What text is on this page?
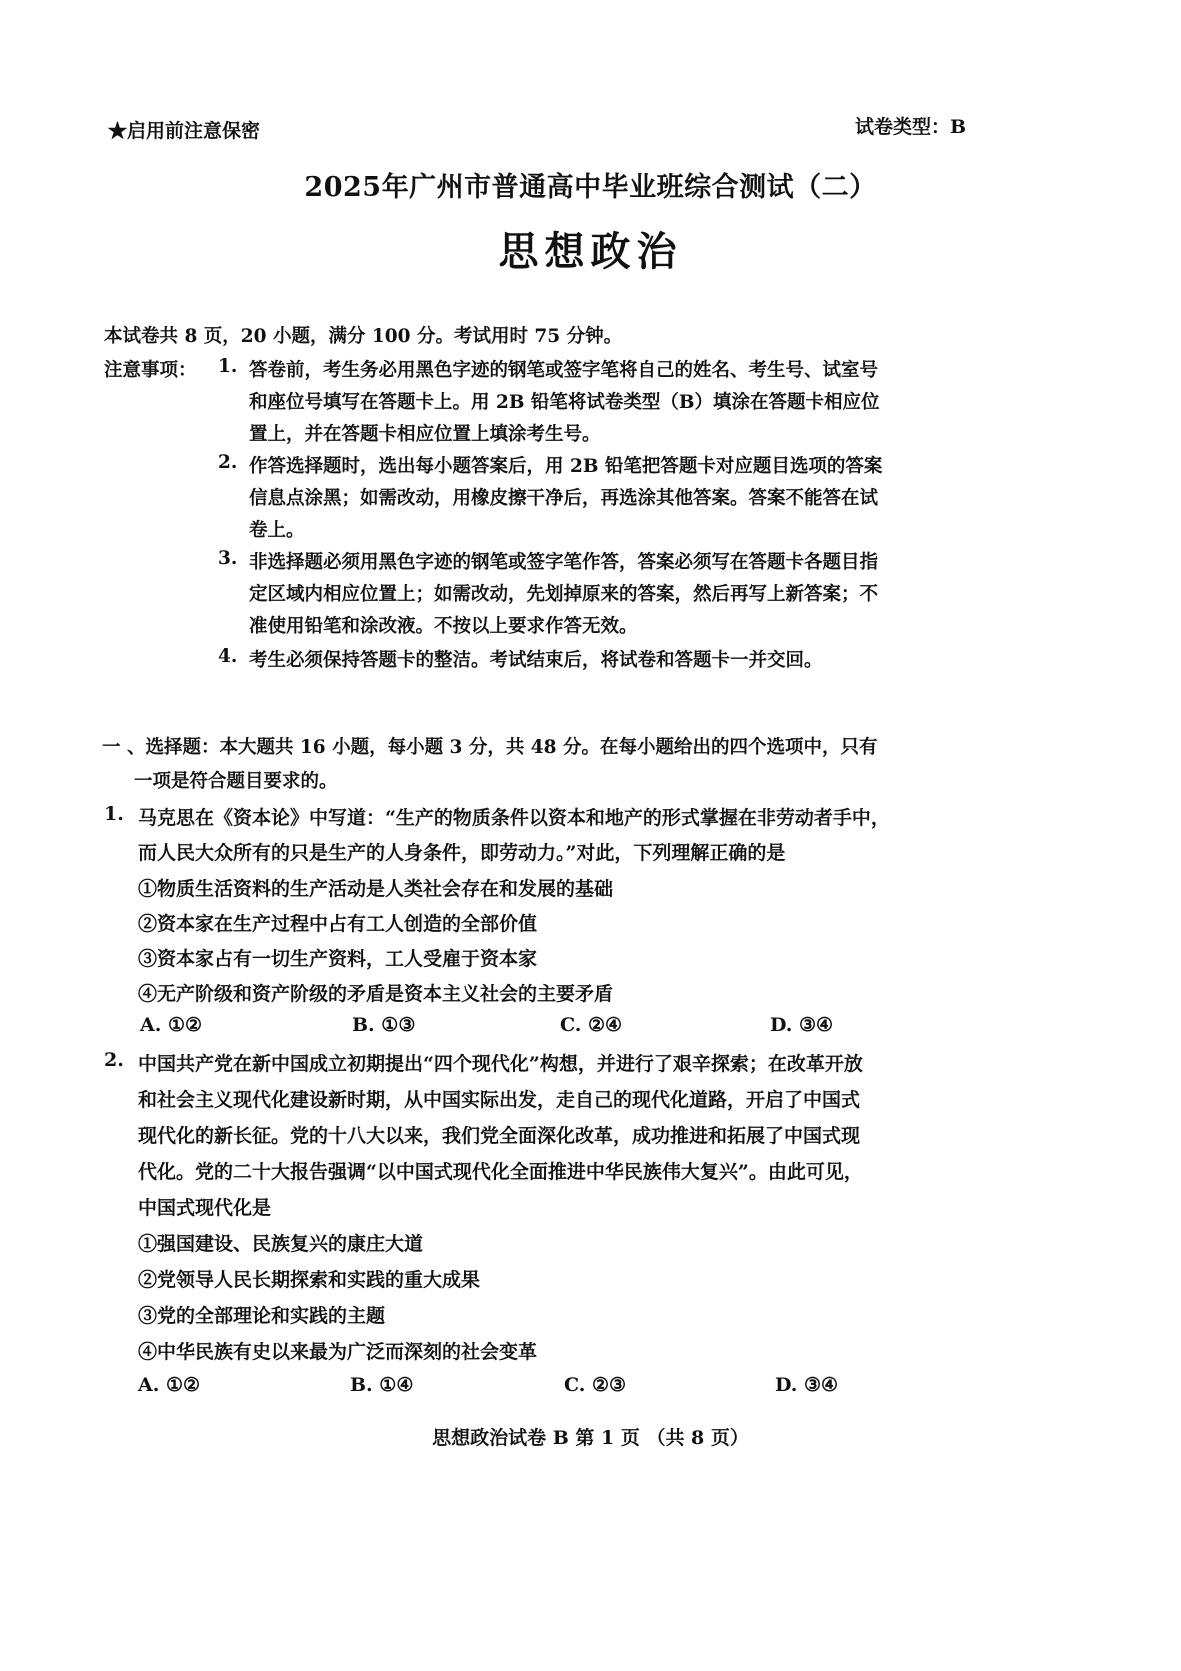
★启用前注意保密	试卷类型：B
2025年广州市普通高中毕业班综合测试（二）
思想政治
本试卷共 8 页，20 小题，满分 100 分。考试用时 75 分钟。
注意事项： 1. 答卷前，考生务必用黑色字迹的钢笔或签字笔将自己的姓名、考生号、试室号
和座位号填写在答题卡上。用 2B 铅笔将试卷类型（B）填涂在答题卡相应位
置上，并在答题卡相应位置上填涂考生号。
2. 作答选择题时，选出每小题答案后，用 2B 铅笔把答题卡对应题目选项的答案
信息点涂黑；如需改动，用橡皮擦干净后，再选涂其他答案。答案不能答在试
卷上。
3. 非选择题必须用黑色字迹的钢笔或签字笔作答，答案必须写在答题卡各题目指
定区域内相应位置上；如需改动，先划掉原来的答案，然后再写上新答案；不
准使用铅笔和涂改液。不按以上要求作答无效。
4. 考生必须保持答题卡的整洁。考试结束后，将试卷和答题卡一并交回。
一 、选择题：本大题共 16 小题，每小题 3 分，共 48 分。在每小题给出的四个选项中，只有
一项是符合题目要求的。
1. 马克思在《资本论》中写道：“生产的物质条件以资本和地产的形式掌握在非劳动者手中，
而人民大众所有的只是生产的人身条件，即劳动力。”对此，下列理解正确的是
①物质生活资料的生产活动是人类社会存在和发展的基础
②资本家在生产过程中占有工人创造的全部价值
③资本家占有一切生产资料，工人受雇于资本家
④无产阶级和资产阶级的矛盾是资本主义社会的主要矛盾
A. ①②	B. ①③	C. ②④	D. ③④
2. 中国共产党在新中国成立初期提出“四个现代化”构想，并进行了艰辛探索；在改革开放
和社会主义现代化建设新时期，从中国实际出发，走自己的现代化道路，开启了中国式
现代化的新长征。党的十八大以来，我们党全面深化改革，成功推进和拓展了中国式现
代化。党的二十大报告强调“以中国式现代化全面推进中华民族伟大复兴”。由此可见，
中国式现代化是
①强国建设、民族复兴的康庄大道
②党领导人民长期探索和实践的重大成果
③党的全部理论和实践的主题
④中华民族有史以来最为广泛而深刻的社会变革
A. ①②	B. ①④	C. ②③	D. ③④
思想政治试卷 B 第 1 页 （共 8 页）
